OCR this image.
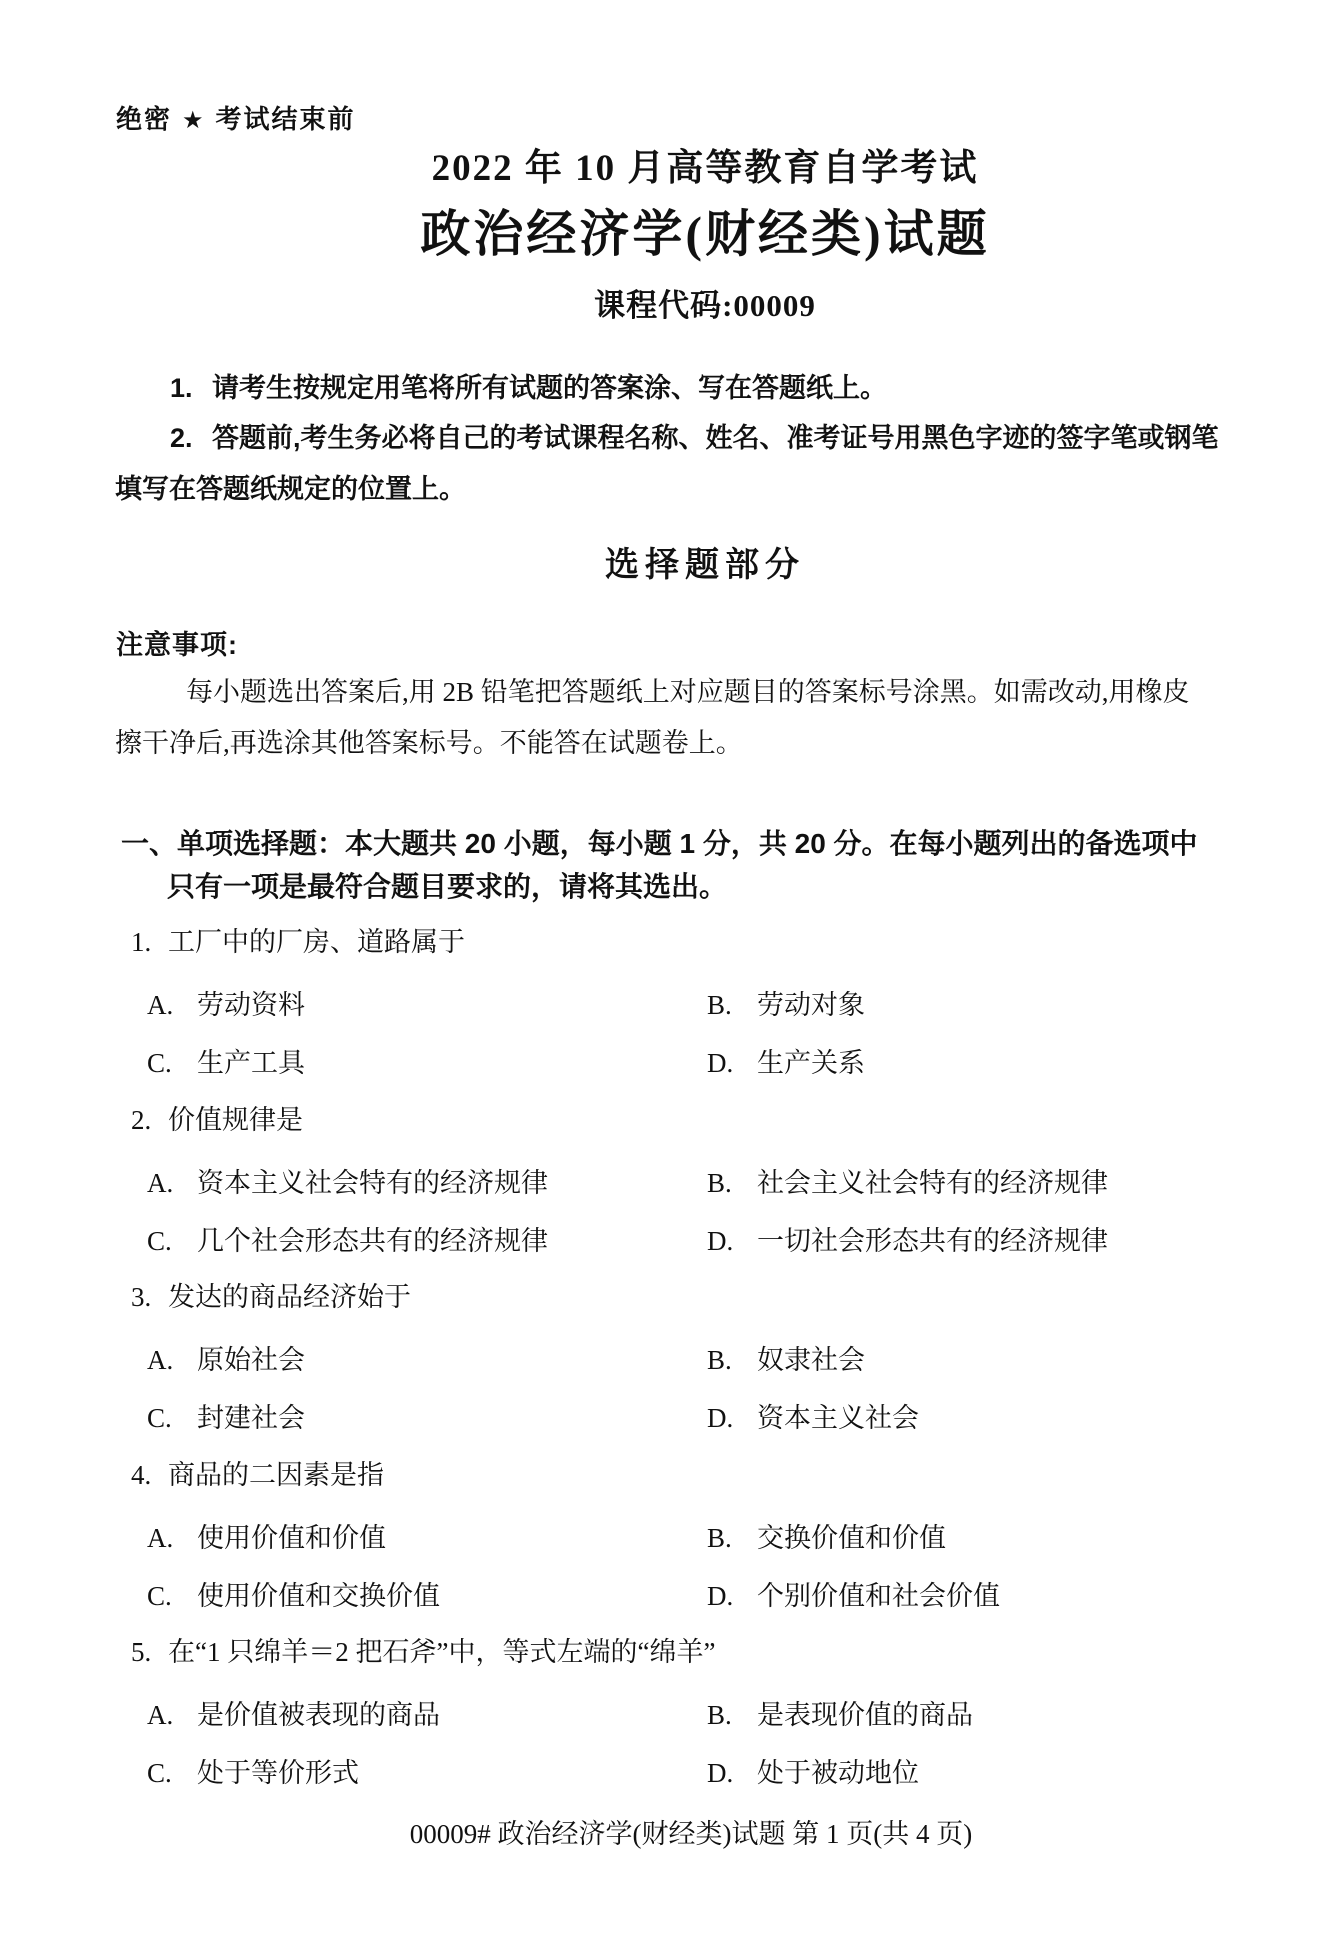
绝密 ★ 考试结束前
2022 年 10 月高等教育自学考试
政治经济学(财经类)试题
课程代码:00009
1. 请考生按规定用笔将所有试题的答案涂、写在答题纸上。
2. 答题前,考生务必将自己的考试课程名称、姓名、准考证号用黑色字迹的签字笔或钢笔
填写在答题纸规定的位置上。
选择题部分
注意事项:
每小题选出答案后,用 2B 铅笔把答题纸上对应题目的答案标号涂黑。如需改动,用橡皮
擦干净后,再选涂其他答案标号。不能答在试题卷上。
一、单项选择题：本大题共 20 小题，每小题 1 分，共 20 分。在每小题列出的备选项中
只有一项是最符合题目要求的，请将其选出。
1. 工厂中的厂房、道路属于
A. 劳动资料	B. 劳动对象
C. 生产工具	D. 生产关系
2. 价值规律是
A. 资本主义社会特有的经济规律	B. 社会主义社会特有的经济规律
C. 几个社会形态共有的经济规律	D. 一切社会形态共有的经济规律
3. 发达的商品经济始于
A. 原始社会	B. 奴隶社会
C. 封建社会	D. 资本主义社会
4. 商品的二因素是指
A. 使用价值和价值	B. 交换价值和价值
C. 使用价值和交换价值	D. 个别价值和社会价值
5. 在“1 只绵羊＝2 把石斧”中，等式左端的“绵羊”
A. 是价值被表现的商品	B. 是表现价值的商品
C. 处于等价形式	D. 处于被动地位
00009# 政治经济学(财经类)试题 第 1 页(共 4 页)
